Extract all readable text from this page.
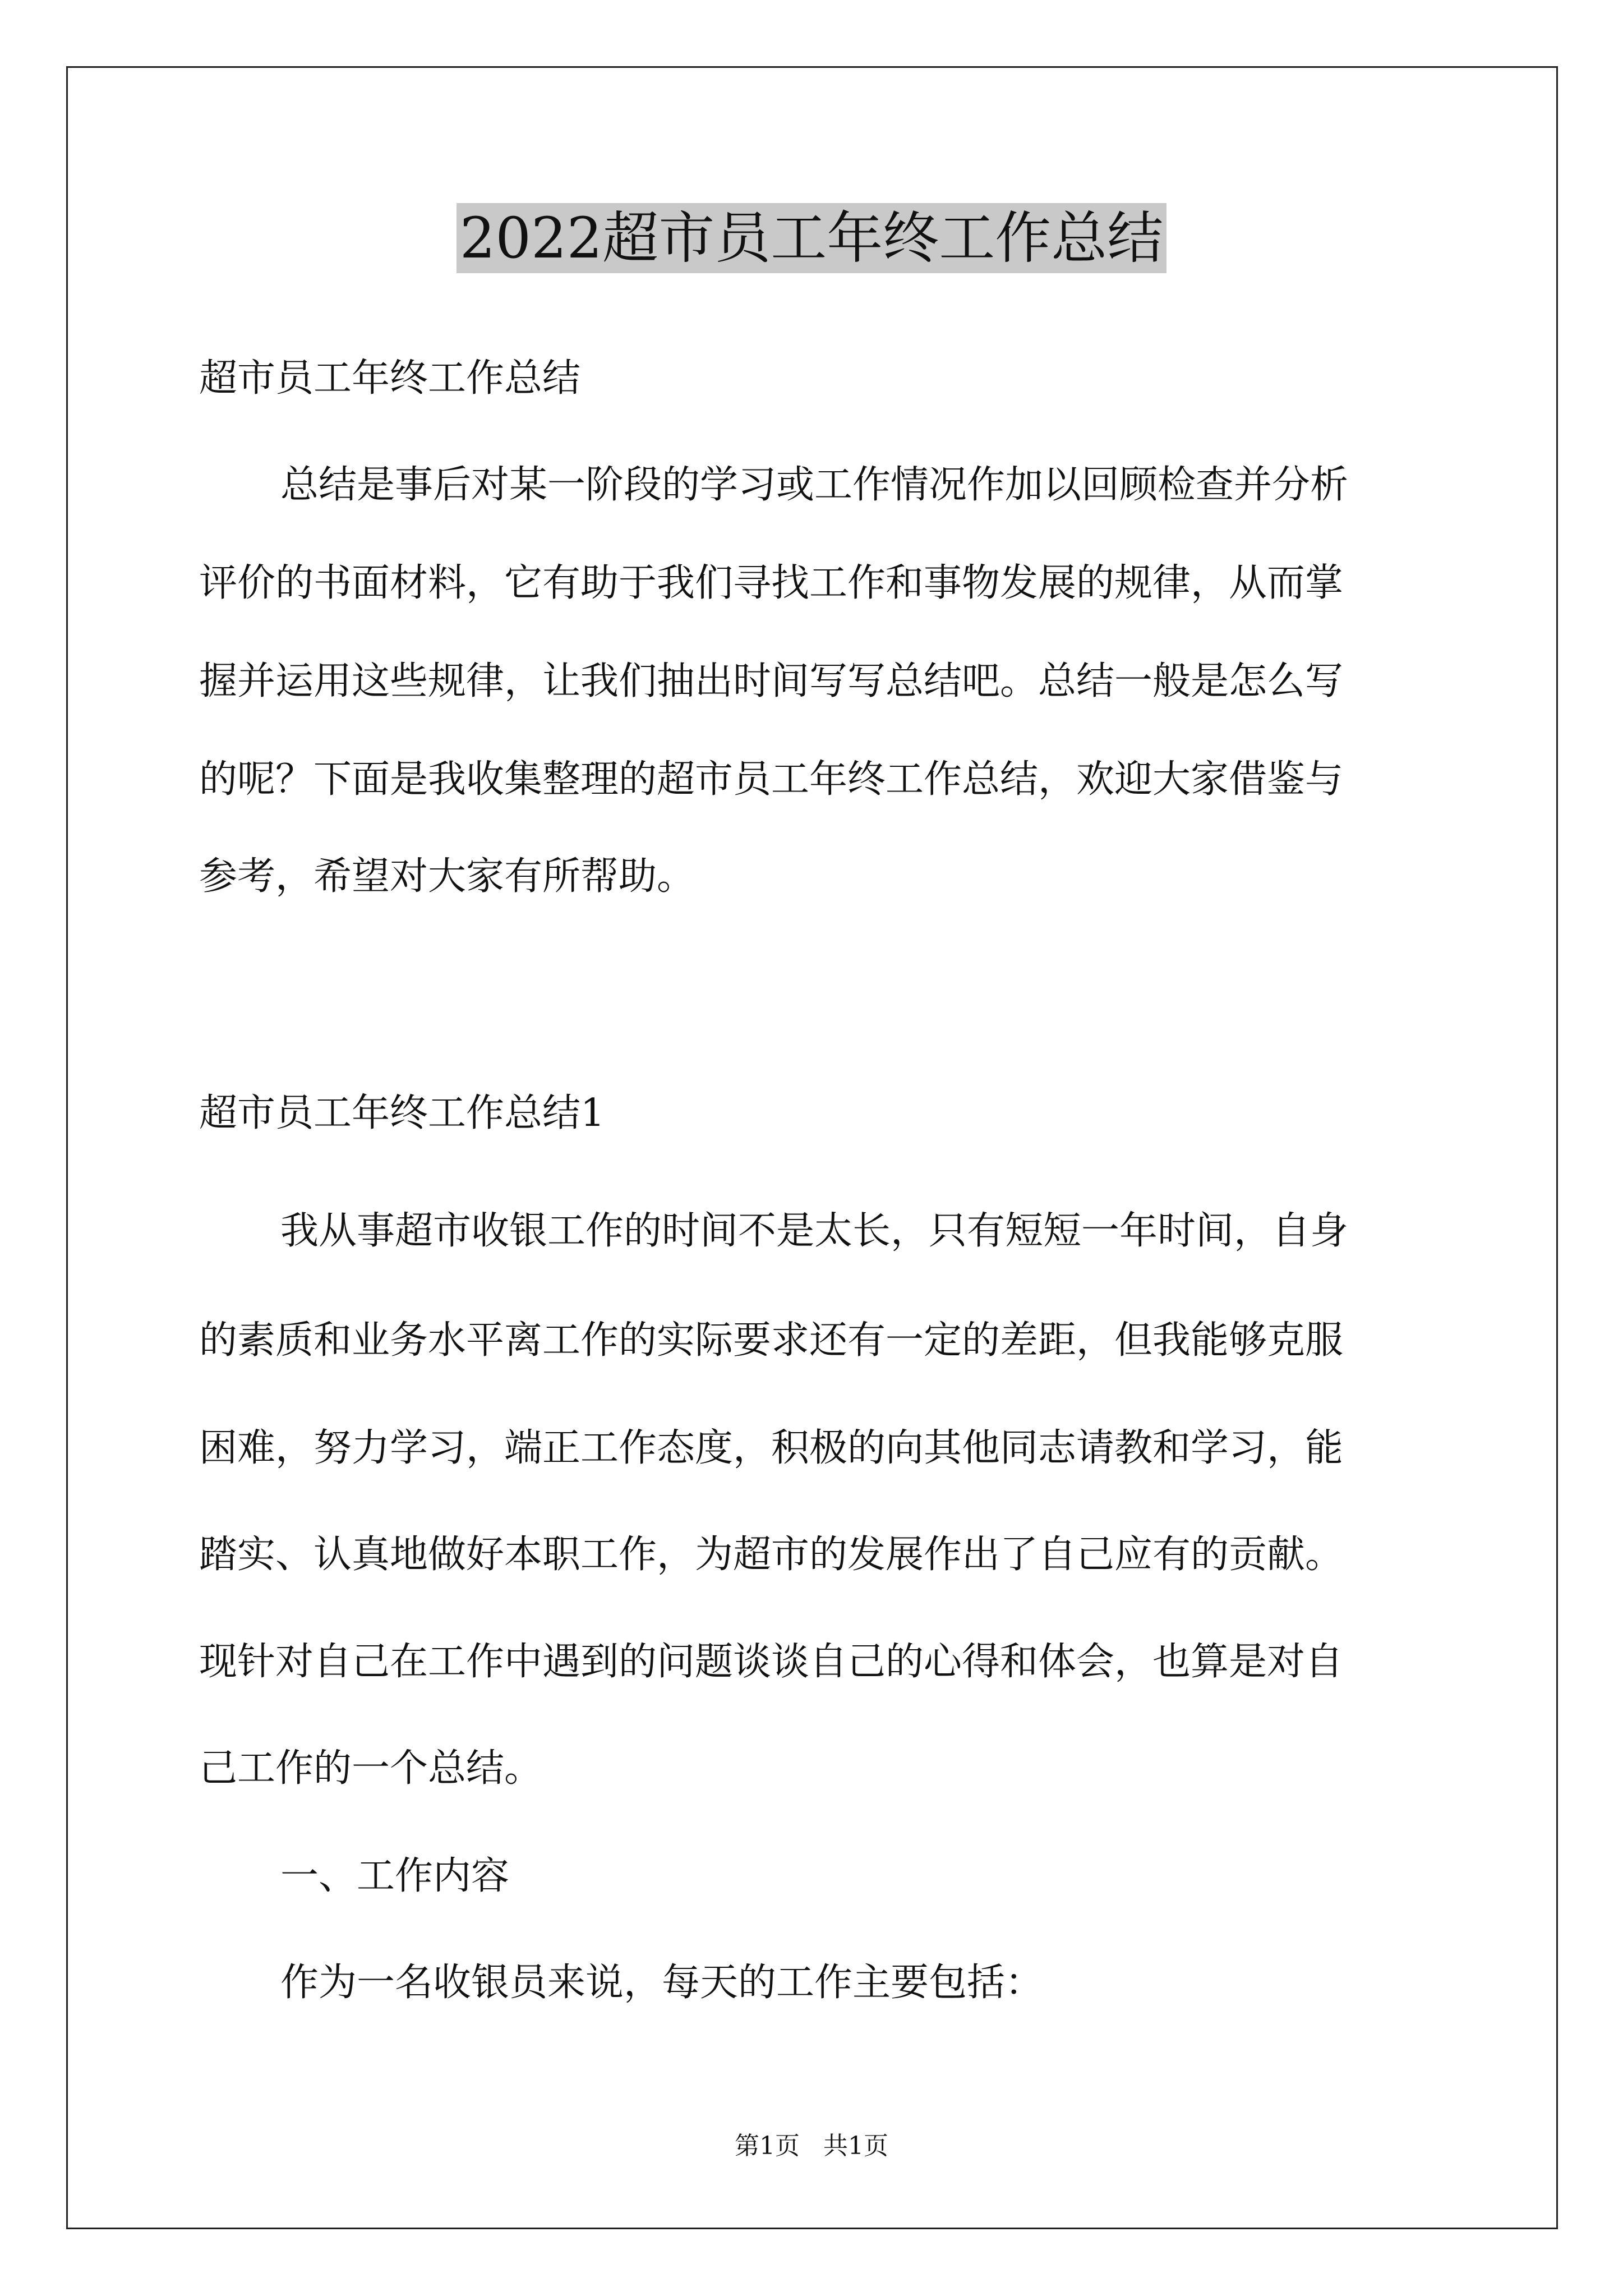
2022超市员工年终工作总结
超市员工年终工作总结
总结是事后对某一阶段的学习或工作情况作加以回顾检查并分析
评价的书面材料，它有助于我们寻找工作和事物发展的规律，从而掌
握并运用这些规律，让我们抽出时间写写总结吧。总结一般是怎么写
的呢？下面是我收集整理的超市员工年终工作总结，欢迎大家借鉴与
参考，希望对大家有所帮助。
超市员工年终工作总结1
我从事超市收银工作的时间不是太长，只有短短一年时间，自身
的素质和业务水平离工作的实际要求还有一定的差距，但我能够克服
困难，努力学习，端正工作态度，积极的向其他同志请教和学习，能
踏实、认真地做好本职工作，为超市的发展作出了自己应有的贡献。
现针对自己在工作中遇到的问题谈谈自己的心得和体会，也算是对自
己工作的一个总结。
一、工作内容
作为一名收银员来说，每天的工作主要包括：
第1页   共1页
